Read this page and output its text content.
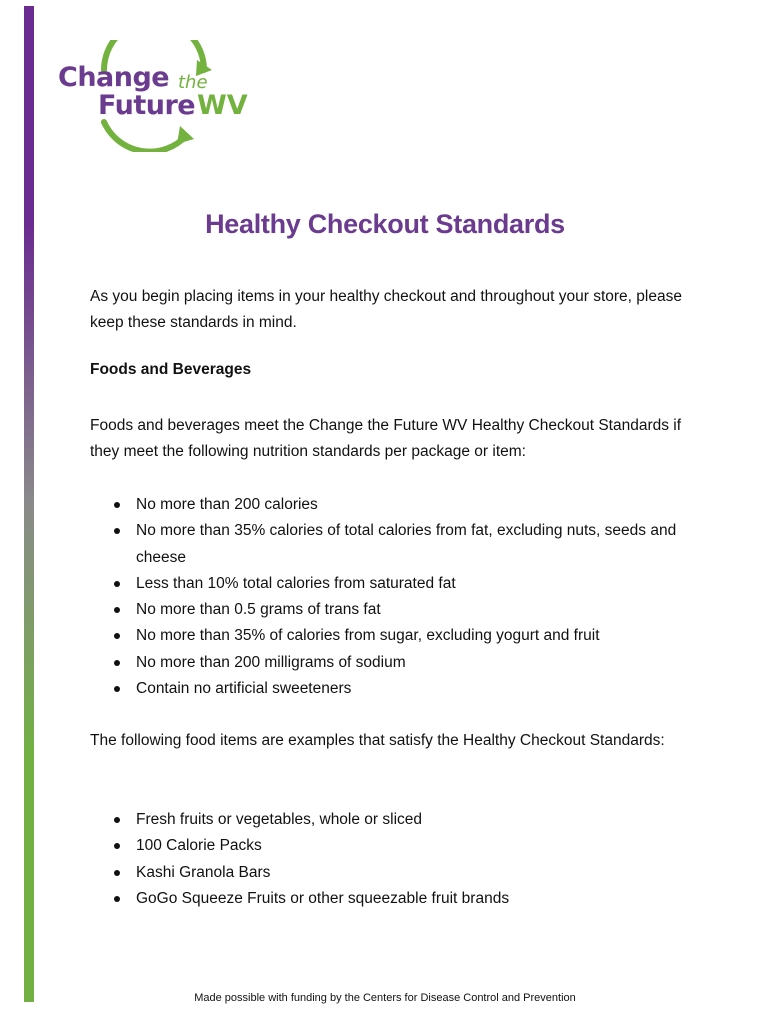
Change the
Future WV
Healthy Checkout Standards
As you begin placing items in your healthy checkout and throughout your store, please keep these standards in mind.
Foods and Beverages
Foods and beverages meet the Change the Future WV Healthy Checkout Standards if they meet the following nutrition standards per package or item:
No more than 200 calories
No more than 35% calories of total calories from fat, excluding nuts, seeds and cheese
Less than 10% total calories from saturated fat
No more than 0.5 grams of trans fat
No more than 35% of calories from sugar, excluding yogurt and fruit
No more than 200 milligrams of sodium
Contain no artificial sweeteners
The following food items are examples that satisfy the Healthy Checkout Standards:
Fresh fruits or vegetables, whole or sliced
100 Calorie Packs
Kashi Granola Bars
GoGo Squeeze Fruits or other squeezable fruit brands
Made possible with funding by the Centers for Disease Control and Prevention
